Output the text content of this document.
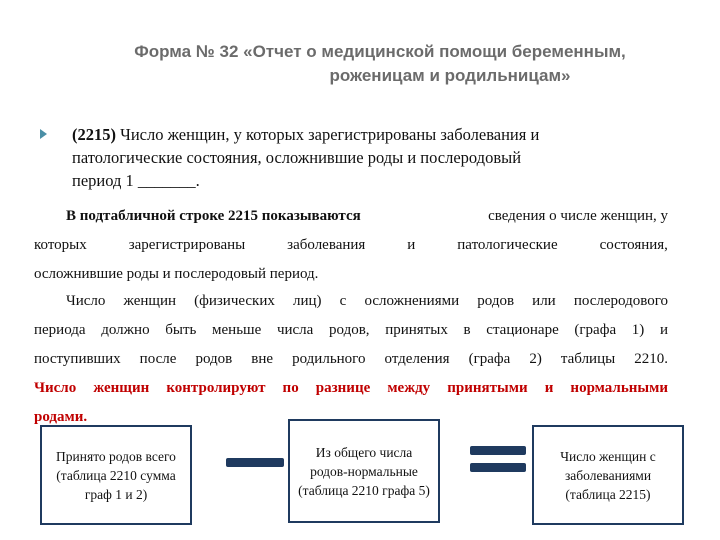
Форма № 32 «Отчет о медицинской помощи беременным,
роженицам и родильницам»
(2215) Число женщин, у которых зарегистрированы заболевания и
патологические состояния, осложнившие роды и послеродовый
период 1 _______.
В подтабличной строке 2215 показываются	сведения о числе женщин, у
которых	зарегистрированы	заболевания	и	патологические	состояния,
осложнившие роды и послеродовый период.
Число женщин (физических лиц) с осложнениями родов или послеродового
периода должно быть меньше числа родов, принятых в стационаре (графа 1) и
поступивших после родов вне родильного отделения (графа 2) таблицы 2210.
Число женщин контролируют по разнице между принятыми и нормальными
родами.
Принято родов всего (таблица 2210 сумма граф 1 и 2)
Из общего числа родов-нормальные (таблица 2210 графа 5)
Число женщин с заболеваниями (таблица 2215)
